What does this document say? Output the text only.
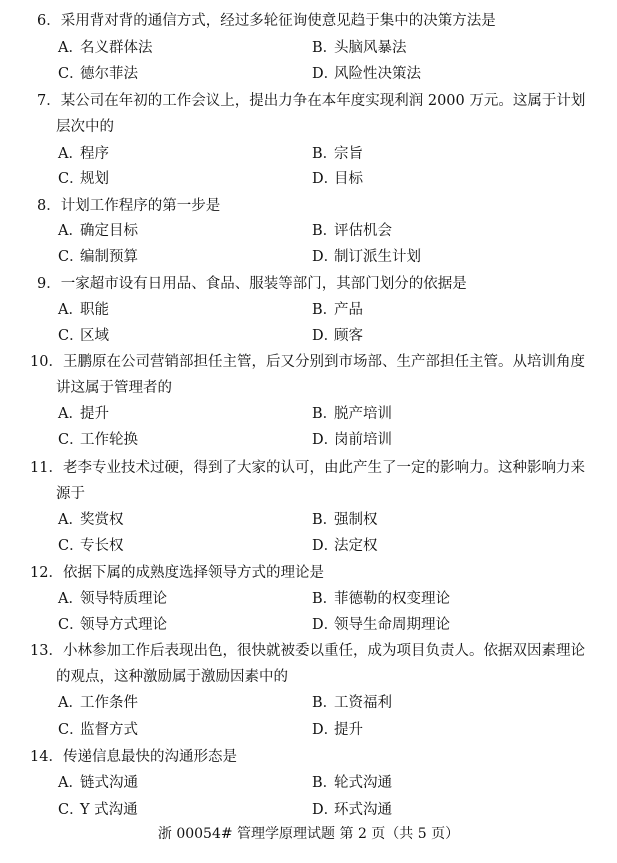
6．采用背对背的通信方式，经过多轮征询使意见趋于集中的决策方法是
A．名义群体法	B．头脑风暴法
C．德尔菲法	D．风险性决策法
7．某公司在年初的工作会议上，提出力争在本年度实现利润 2000 万元。这属于计划
层次中的
A．程序	B．宗旨
C．规划	D．目标
8．计划工作程序的第一步是
A．确定目标	B．评估机会
C．编制预算	D．制订派生计划
9．一家超市设有日用品、食品、服装等部门，其部门划分的依据是
A．职能	B．产品
C．区域	D．顾客
10．王鹏原在公司营销部担任主管，后又分别到市场部、生产部担任主管。从培训角度
讲这属于管理者的
A．提升	B．脱产培训
C．工作轮换	D．岗前培训
11．老李专业技术过硬，得到了大家的认可，由此产生了一定的影响力。这种影响力来
源于
A．奖赏权	B．强制权
C．专长权	D．法定权
12．依据下属的成熟度选择领导方式的理论是
A．领导特质理论	B．菲德勒的权变理论
C．领导方式理论	D．领导生命周期理论
13．小林参加工作后表现出色，很快就被委以重任，成为项目负责人。依据双因素理论
的观点，这种激励属于激励因素中的
A．工作条件	B．工资福利
C．监督方式	D．提升
14．传递信息最快的沟通形态是
A．链式沟通	B．轮式沟通
C．Y 式沟通	D．环式沟通
浙 00054# 管理学原理试题 第 2 页（共 5 页）
